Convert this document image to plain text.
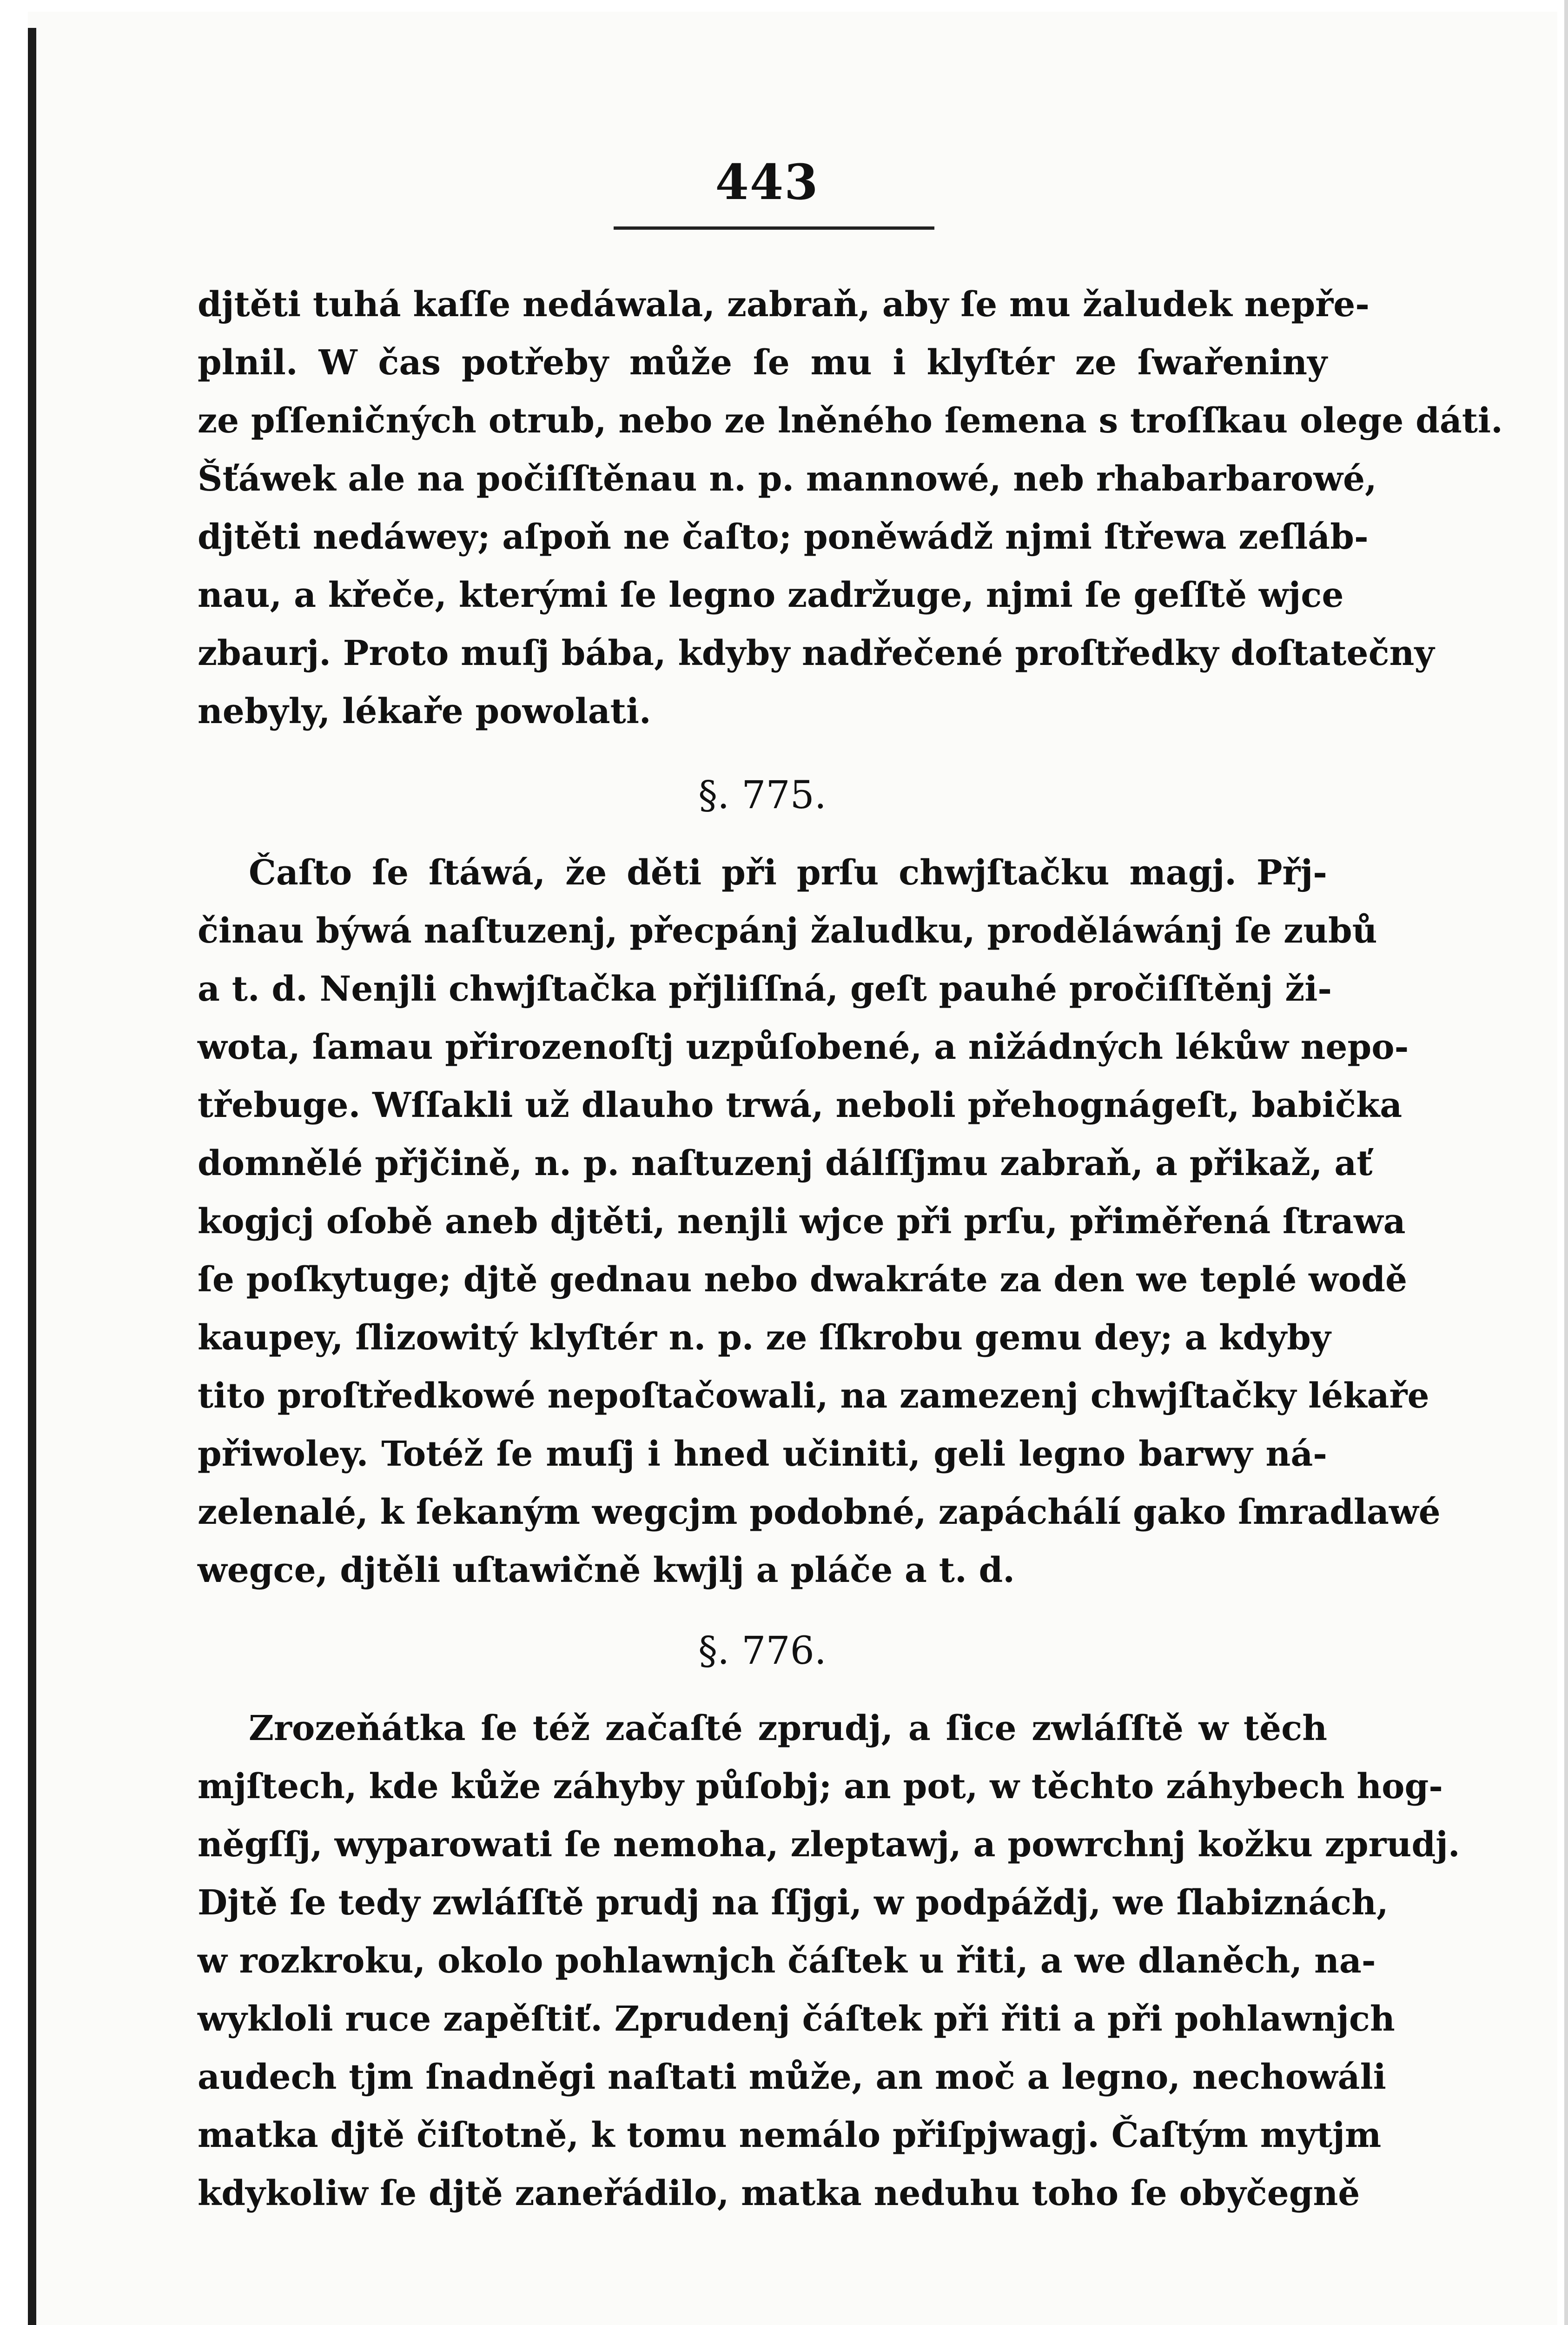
443
djtěti tuhá kaſſe nedáwala, zabraň, aby ſe mu žaludek nepře-
plnil. W čas potřeby může ſe mu i klyſtér ze ſwařeniny
ze pſſeničných otrub, nebo ze lněného ſemena s troſſkau olege dáti.
Šťáwek ale na počiſſtěnau n. p. mannowé, neb rhabarbarowé,
djtěti nedáwey; aſpoň ne čaſto; poněwádž njmi ſtřewa zeſláb-
nau, a křeče, kterými ſe legno zadržuge, njmi ſe geſſtě wjce
zbaurj. Proto muſj bába, kdyby nadřečené proſtředky doſtatečny
nebyly, lékaře powolati.
§. 775.
Čaſto ſe ſtáwá, že děti při prſu chwjſtačku magj. Přj-
činau býwá naſtuzenj, přecpánj žaludku, proděláwánj ſe zubů
a t. d. Nenjli chwjſtačka přjliſſná, geſt pauhé pročiſſtěnj ži-
wota, ſamau přirozenoſtj uzpůſobené, a nižádných lékůw nepo-
třebuge. Wſſakli už dlauho trwá, neboli přehognágeſt, babička
domnělé přjčině, n. p. naſtuzenj dálſſjmu zabraň, a přikaž, ať
kogjcj oſobě aneb djtěti, nenjli wjce při prſu, přiměřená ſtrawa
ſe poſkytuge; djtě gednau nebo dwakráte za den we teplé wodě
kaupey, ſlizowitý klyſtér n. p. ze ſſkrobu gemu dey; a kdyby
tito proſtředkowé nepoſtačowali, na zamezenj chwjſtačky lékaře
přiwoley. Totéž ſe muſj i hned učiniti, geli legno barwy ná-
zelenalé, k ſekaným wegcjm podobné, zapáchálí gako ſmradlawé
wegce, djtěli uſtawičně kwjlj a pláče a t. d.
§. 776.
Zrozeňátka ſe též začaſté zprudj, a ſice zwláſſtě w těch
mjſtech, kde kůže záhyby půſobj; an pot, w těchto záhybech hog-
něgſſj, wyparowati ſe nemoha, zleptawj, a powrchnj kožku zprudj.
Djtě ſe tedy zwláſſtě prudj na ſſjgi, w podpáždj, we ſlabiznách,
w rozkroku, okolo pohlawnjch čáſtek u řiti, a we dlaněch, na-
wykloli ruce zapěſtiť. Zprudenj čáſtek při řiti a při pohlawnjch
audech tjm ſnadněgi naſtati může, an moč a legno, nechowáli
matka djtě čiſtotně, k tomu nemálo přiſpjwagj. Čaſtým mytjm
kdykoliw ſe djtě zaneřádilo, matka neduhu toho ſe obyčegně
